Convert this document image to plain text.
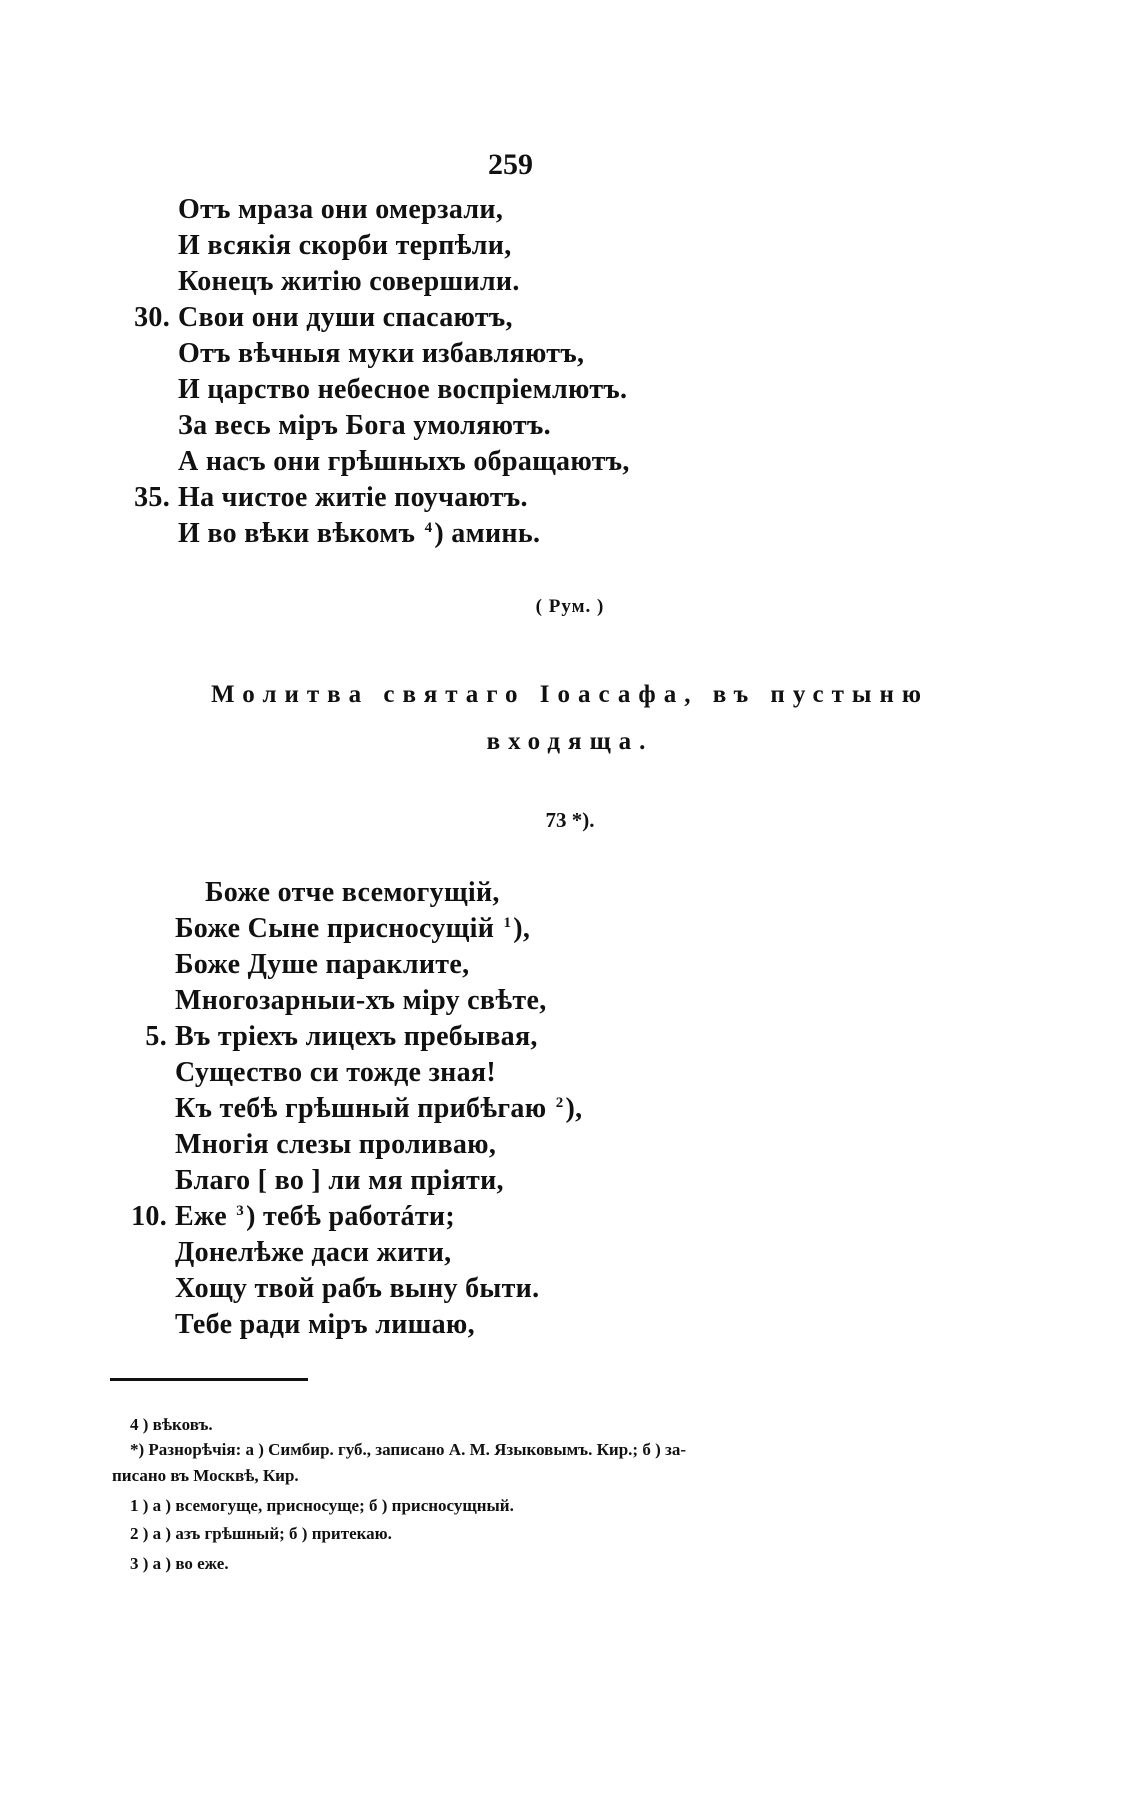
259
Отъ мраза они омерзали,
И всякія скорби терпѣли,
Конецъ житію совершили.
30. Свои они души спасаютъ,
Отъ вѣчныя муки избавляютъ,
И царство небесное воспріемлютъ.
За весь міръ Бога умоляютъ.
А насъ они грѣшныхъ обращаютъ,
35. На чистое житіе поучаютъ.
И во вѣки вѣкомъ $^4$) аминь.
( Рум. )
Молитва святаго Іоасафа, въ пустыню
входяща.
73 *).
Боже отче всемогущій,
Боже Сыне присносущій $^1$),
Боже Душе параклите,
Многозарныи-хъ міру свѣте,
5. Въ тріехъ лицехъ пребывая,
Существо си тождe зная!
Къ тебѣ грѣшный прибѣгаю $^2$),
Многія слезы проливаю,
Благо [ во ] ли мя пріяти,
10. Еже $^3$) тебѣ работáти;
Донелѣже даси жити,
Хощу твой рабъ выну быти.
Тебе ради міръ лишаю,
4 ) вѣковъ.
*) Разнорѣчія: а ) Симбир. губ., записано А. М. Языковымъ. Кир.; б ) за-
писано въ Москвѣ, Кир.
1 ) а ) всемогуще, присносуще; б ) присносущный.
2 ) а ) азъ грѣшный; б ) притекаю.
3 ) а ) во еже.
